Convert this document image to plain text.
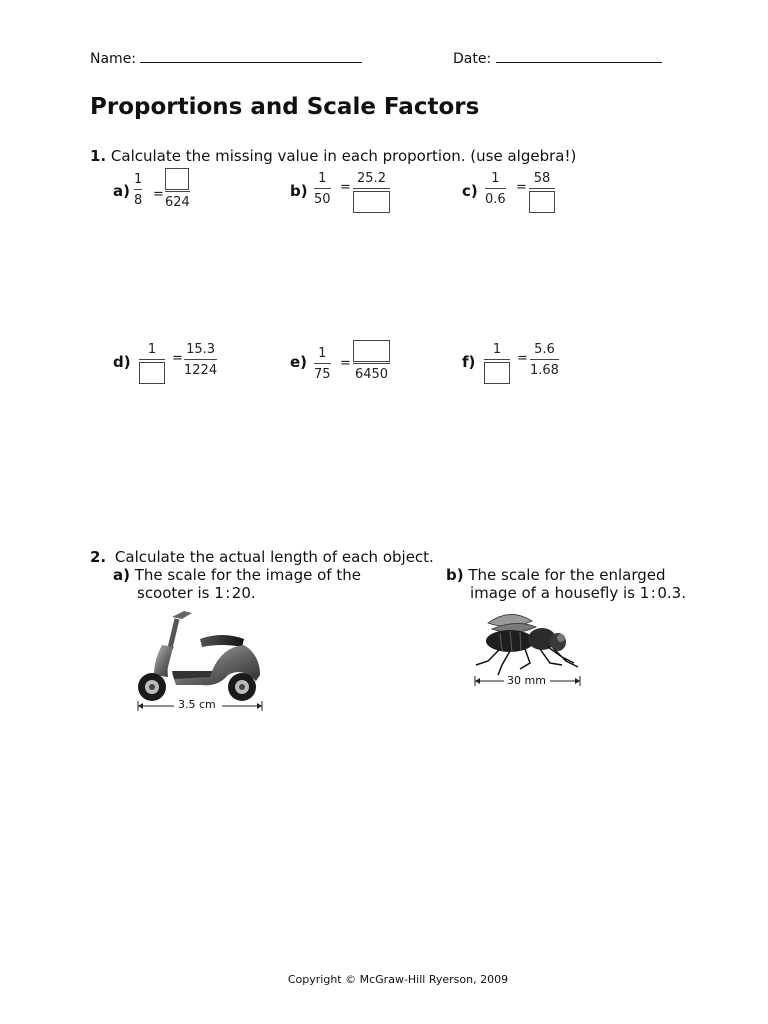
Name:	Date:
Proportions and Scale Factors
1. Calculate the missing value in each proportion. (use algebra!)
a)
1
8 =
624
b)
1
50
=
25.2
c)
1
0.6
=
58
d)
1
=
15.3
1224	e) 1
75
=
6450
f)
1
=
5.6
1.68
2. Calculate the actual length of each object.
a) The scale for the image of the
scooter is 1 : 20.
3.5 cm
b) The scale for the enlarged
image of a housefly is 1 : 0.3.
30 mm
Copyright © McGraw-Hill Ryerson, 2009
